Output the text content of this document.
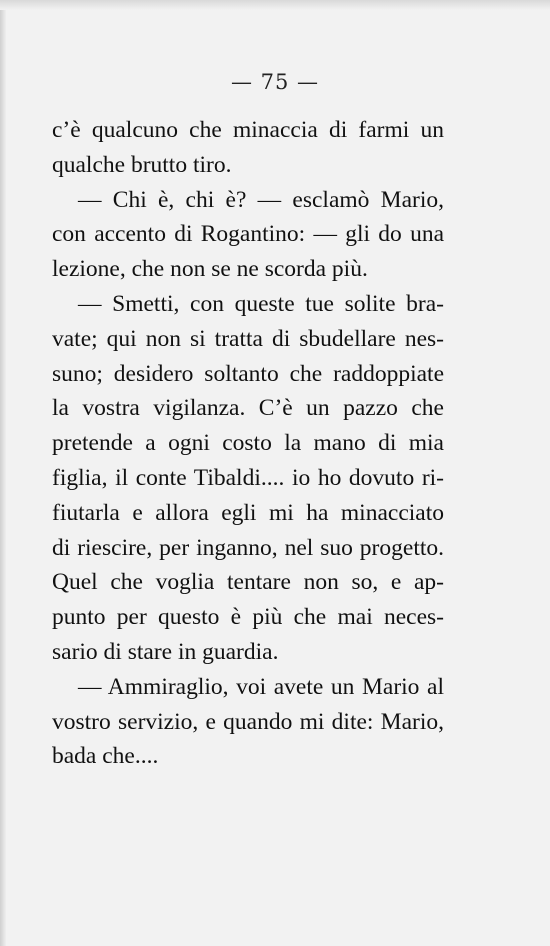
— 75 —
c’è qualcuno che minaccia di farmi un
qualche brutto tiro.
— Chi è, chi è? — esclamò Mario,
con accento di Rogantino: — gli do una
lezione, che non se ne scorda più.
— Smetti, con queste tue solite bra-
vate; qui non si tratta di sbudellare nes-
suno; desidero soltanto che raddoppiate
la vostra vigilanza. C’è un pazzo che
pretende a ogni costo la mano di mia
figlia, il conte Tibaldi.... io ho dovuto ri-
fiutarla e allora egli mi ha minacciato
di riescire, per inganno, nel suo progetto.
Quel che voglia tentare non so, e ap-
punto per questo è più che mai neces-
sario di stare in guardia.
— Ammiraglio, voi avete un Mario al
vostro servizio, e quando mi dite: Mario,
bada che....
